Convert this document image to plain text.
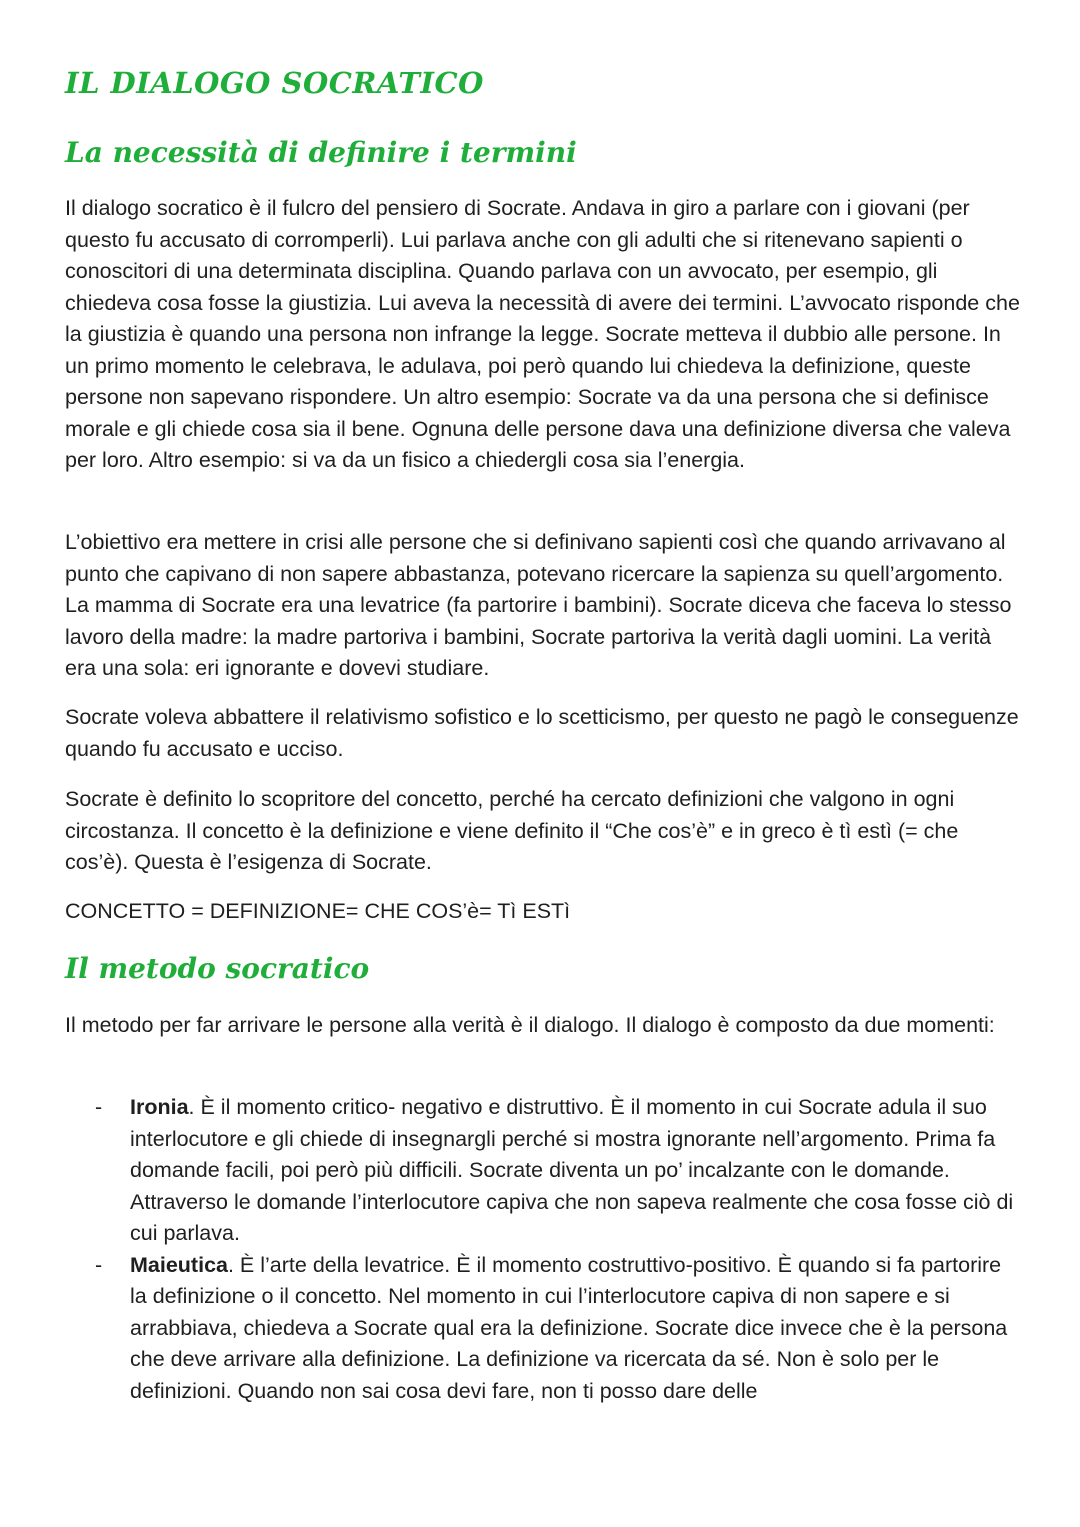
IL DIALOGO SOCRATICO
La necessità di definire i termini

Il dialogo socratico è il fulcro del pensiero di Socrate. Andava in giro a parlare con i giovani (per questo fu accusato di corromperli). Lui parlava anche con gli adulti che si ritenevano sapienti o conoscitori di una determinata disciplina. Quando parlava con un avvocato, per esempio, gli chiedeva cosa fosse la giustizia. Lui aveva la necessità di avere dei termini. L’avvocato risponde che la giustizia è quando una persona non infrange la legge. Socrate metteva il dubbio alle persone. In un primo momento le celebrava, le adulava, poi però quando lui chiedeva la definizione, queste persone non sapevano rispondere. Un altro esempio: Socrate va da una persona che si definisce morale e gli chiede cosa sia il bene. Ognuna delle persone dava una definizione diversa che valeva per loro. Altro esempio: si va da un fisico a chiedergli cosa sia l’energia.

L’obiettivo era mettere in crisi alle persone che si definivano sapienti così che quando arrivavano al punto che capivano di non sapere abbastanza, potevano ricercare la sapienza su quell’argomento. La mamma di Socrate era una levatrice (fa partorire i bambini). Socrate diceva che faceva lo stesso lavoro della madre: la madre partoriva i bambini, Socrate partoriva la verità dagli uomini. La verità era una sola: eri ignorante e dovevi studiare.

Socrate voleva abbattere il relativismo sofistico e lo scetticismo, per questo ne pagò le conseguenze quando fu accusato e ucciso.

Socrate è definito lo scopritore del concetto, perché ha cercato definizioni che valgono in ogni circostanza. Il concetto è la definizione e viene definito il “Che cos’è” e in greco è tì estì (= che cos’è). Questa è l’esigenza di Socrate.

CONCETTO = DEFINIZIONE= CHE COS’è= Tì ESTì

Il metodo socratico

Il metodo per far arrivare le persone alla verità è il dialogo. Il dialogo è composto da due momenti:

- Ironia. È il momento critico- negativo e distruttivo. È il momento in cui Socrate adula il suo interlocutore e gli chiede di insegnargli perché si mostra ignorante nell’argomento. Prima fa domande facili, poi però più difficili. Socrate diventa un po’ incalzante con le domande. Attraverso le domande l’interlocutore capiva che non sapeva realmente che cosa fosse ciò di cui parlava.
- Maieutica. È l’arte della levatrice. È il momento costruttivo-positivo. È quando si fa partorire la definizione o il concetto. Nel momento in cui l’interlocutore capiva di non sapere e si arrabbiava, chiedeva a Socrate qual era la definizione. Socrate dice invece che è la persona che deve arrivare alla definizione. La definizione va ricercata da sé. Non è solo per le definizioni. Quando non sai cosa devi fare, non ti posso dare delle
